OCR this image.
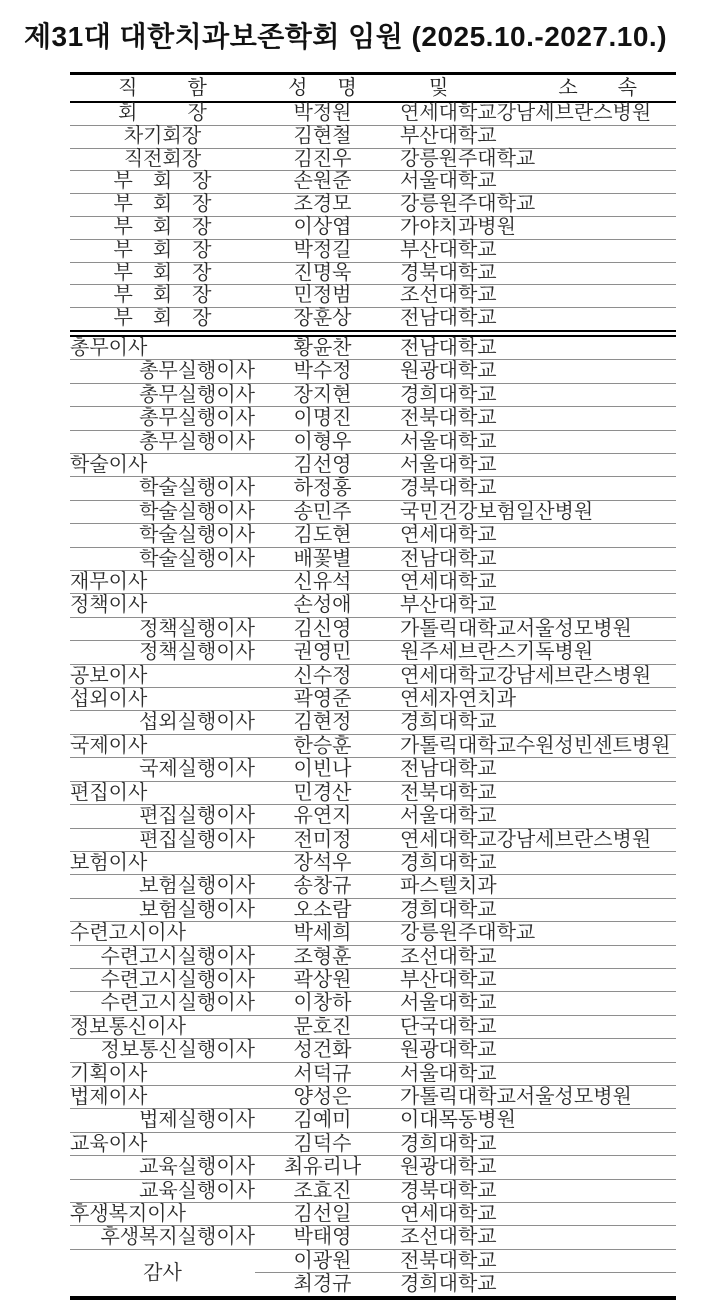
제31대 대한치과보존학회 임원 (2025.10.-2027.10.)
직   함	성  명	및      소  속
회   장	박정원	연세대학교강남세브란스병원
차기회장	김현철	부산대학교
직전회장	김진우	강릉원주대학교
부 회 장	손원준	서울대학교
부 회 장	조경모	강릉원주대학교
부 회 장	이상엽	가야치과병원
부 회 장	박정길	부산대학교
부 회 장	진명욱	경북대학교
부 회 장	민정범	조선대학교
부 회 장	장훈상	전남대학교
총무이사	황윤찬	전남대학교
총무실행이사	박수정	원광대학교
총무실행이사	장지현	경희대학교
총무실행이사	이명진	전북대학교
총무실행이사	이형우	서울대학교
학술이사	김선영	서울대학교
학술실행이사	하정홍	경북대학교
학술실행이사	송민주	국민건강보험일산병원
학술실행이사	김도현	연세대학교
학술실행이사	배꽃별	전남대학교
재무이사	신유석	연세대학교
정책이사	손성애	부산대학교
정책실행이사	김신영	가톨릭대학교서울성모병원
정책실행이사	권영민	원주세브란스기독병원
공보이사	신수정	연세대학교강남세브란스병원
섭외이사	곽영준	연세자연치과
섭외실행이사	김현정	경희대학교
국제이사	한승훈	가톨릭대학교수원성빈센트병원
국제실행이사	이빈나	전남대학교
편집이사	민경산	전북대학교
편집실행이사	유연지	서울대학교
편집실행이사	전미정	연세대학교강남세브란스병원
보험이사	장석우	경희대학교
보험실행이사	송창규	파스텔치과
보험실행이사	오소람	경희대학교
수련고시이사	박세희	강릉원주대학교
수련고시실행이사	조형훈	조선대학교
수련고시실행이사	곽상원	부산대학교
수련고시실행이사	이창하	서울대학교
정보통신이사	문호진	단국대학교
정보통신실행이사	성건화	원광대학교
기획이사	서덕규	서울대학교
법제이사	양성은	가톨릭대학교서울성모병원
법제실행이사	김예미	이대목동병원
교육이사	김덕수	경희대학교
교육실행이사	최유리나	원광대학교
교육실행이사	조효진	경북대학교
후생복지이사	김선일	연세대학교
후생복지실행이사	박태영	조선대학교
감사	이광원	전북대학교
	최경규	경희대학교
